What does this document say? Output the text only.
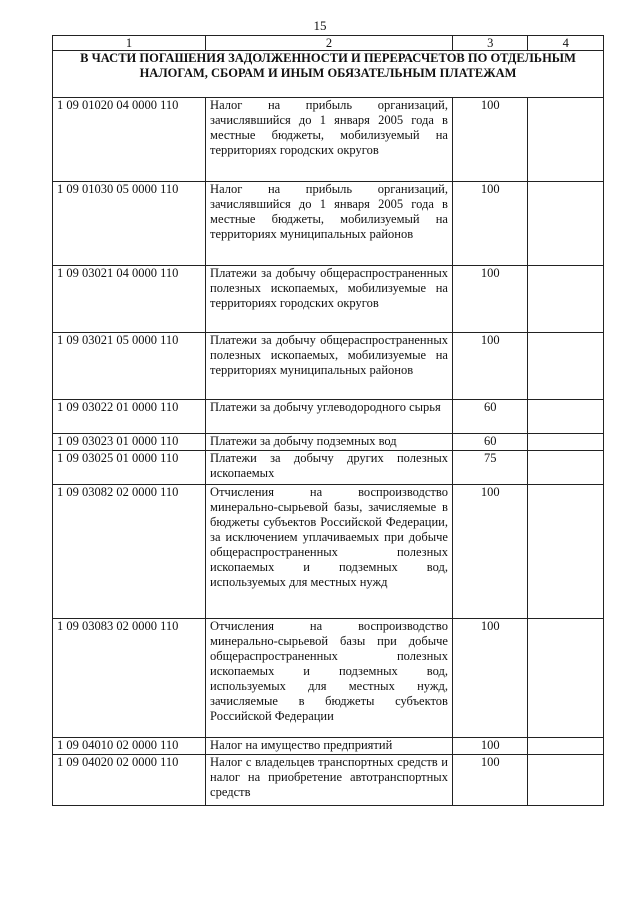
15
1	2	3	4
В ЧАСТИ ПОГАШЕНИЯ ЗАДОЛЖЕННОСТИ И ПЕРЕРАСЧЕТОВ ПО ОТДЕЛЬНЫМ НАЛОГАМ, СБОРАМ И ИНЫМ ОБЯЗАТЕЛЬНЫМ ПЛАТЕЖАМ			
1 09 01020 04 0000 110	Налог на прибыль организаций, зачислявшийся до 1 января 2005 года в местные бюджеты, мобилизуемый на территориях городских округов	100	
1 09 01030 05 0000 110	Налог на прибыль организаций, зачислявшийся до 1 января 2005 года в местные бюджеты, мобилизуемый на территориях муниципальных районов	100	
1 09 03021 04 0000 110	Платежи за добычу общераспространенных полезных ископаемых, мобилизуемые на территориях городских округов	100	
1 09 03021 05 0000 110	Платежи за добычу общераспространенных полезных ископаемых, мобилизуемые на территориях муниципальных районов	100	
1 09 03022 01 0000 110	Платежи за добычу углеводородного сырья	60	
1 09 03023 01 0000 110	Платежи за добычу подземных вод	60	
1 09 03025 01 0000 110	Платежи за добычу других полезных ископаемых	75	
1 09 03082 02 0000 110	Отчисления на воспроизводство минерально-сырьевой базы, зачисляемые в бюджеты субъектов Российской Федерации, за исключением уплачиваемых при добыче общераспространенных полезных ископаемых и подземных вод, используемых для местных нужд	100	
1 09 03083 02 0000 110	Отчисления на воспроизводство минерально-сырьевой базы при добыче общераспространенных полезных ископаемых и подземных вод, используемых для местных нужд, зачисляемые в бюджеты субъектов Российской Федерации	100	
1 09 04010 02 0000 110	Налог на имущество предприятий	100	
1 09 04020 02 0000 110	Налог с владельцев транспортных средств и налог на приобретение автотранспортных средств	100	
